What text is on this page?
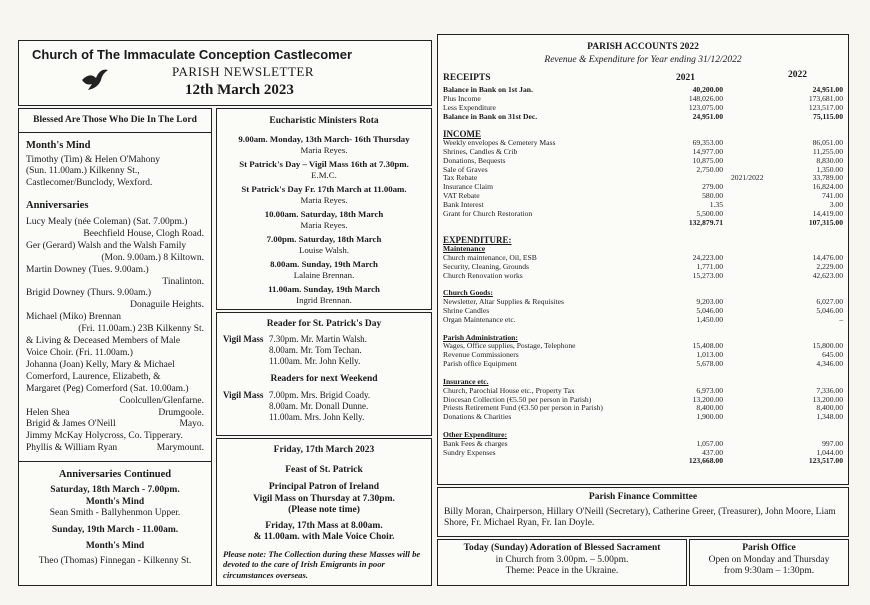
Church of The Immaculate Conception Castlecomer
PARISH NEWSLETTER
12th March 2023
Blessed Are Those Who Die In The Lord
Month's Mind
Timothy (Tim) & Helen O'Mahony
(Sun. 11.00am.) Kilkenny St.,
Castlecomer/Bunclody, Wexford.
Anniversaries
Lucy Mealy (née Coleman) (Sat. 7.00pm.)
Beechfield House, Clogh Road.
Ger (Gerard) Walsh and the Walsh Family
(Mon. 9.00am.) 8 Kiltown.
Martin Downey (Tues. 9.00am.)
Tinalinton.
Brigid Downey (Thurs. 9.00am.)
Donaguile Heights.
Michael (Miko) Brennan
(Fri. 11.00am.) 23B Kilkenny St.
& Living & Deceased Members of Male
Voice Choir. (Fri. 11.00am.)
Johanna (Joan) Kelly, Mary & Michael
Comerford, Laurence, Elizabeth, &
Margaret (Peg) Comerford (Sat. 10.00am.)
Coolcullen/Glenfarne.
Helen Shea	Drumgoole.
Brigid & James O'Neill	Mayo.
Jimmy McKay Holycross, Co. Tipperary.
Phyllis & William Ryan	Marymount.
Anniversaries Continued
Saturday, 18th March - 7.00pm.
Month's Mind
Sean Smith - Ballyhenmon Upper.
Sunday, 19th March - 11.00am.
Month's Mind
Theo (Thomas) Finnegan - Kilkenny St.
Eucharistic Ministers Rota
9.00am. Monday, 13th March- 16th Thursday
Maria Reyes.
St Patrick's Day – Vigil Mass 16th at 7.30pm.
E.M.C.
St Patrick's Day Fr. 17th March at 11.00am.
Maria Reyes.
10.00am. Saturday, 18th March
Maria Reyes.
7.00pm. Saturday, 18th March
Louise Walsh.
8.00am. Sunday, 19th March
Lalaine Brennan.
11.00am. Sunday, 19th March
Ingrid Brennan.
Reader for St. Patrick's Day
Vigil Mass 7.30pm. Mr. Martin Walsh.
8.00am. Mr. Tom Techan.
11.00am. Mr. John Kelly.
Readers for next Weekend
Vigil Mass 7.00pm. Mrs. Brigid Coady.
8.00am. Mr. Donall Dunne.
11.00am. Mrs. John Kelly.
Friday, 17th March 2023
Feast of St. Patrick
Principal Patron of Ireland
Vigil Mass on Thursday at 7.30pm.
(Please note time)
Friday, 17th Mass at 8.00am.
& 11.00am. with Male Voice Choir.
Please note: The Collection during these Masses will be devoted to the care of Irish Emigrants in poor circumstances overseas.
PARISH ACCOUNTS 2022
Revenue & Expenditure for Year ending 31/12/2022
RECEIPTS	2021	2022
Balance in Bank on 1st Jan.	40,200.00	24,951.00
Plus Income	148,026.00	173,681.00
Less Expenditure	123,075.00	123,517.00
Balance in Bank on 31st Dec.	24,951.00	75,115.00
INCOME
Weekly envelopes & Cemetery Mass	69,353.00	86,051.00
Shrines, Candles & Crib	14,977.00	11,255.00
Donations, Bequests	10,875.00	8,830.00
Sale of Graves	2,750.00	1,350.00
Tax Rebate	2021/2022	33,789.00
Insurance Claim	279.00	16,824.00
VAT Rebate	580.00	741.00
Bank Interest	1.35	3.00
Grant for Church Restoration	5,500.00	14,419.00
132,879.71	107,315.00
EXPENDITURE:
Maintenance
Church maintenance, Oil, ESB	24,223.00	14,476.00
Security, Cleaning, Grounds	1,771.00	2,229.00
Church Renovation works	15,273.00	42,623.00
Church Goods:
Newsletter, Altar Supplies & Requisites	9,203.00	6,027.00
Shrine Candles	5,046.00	5,046.00
Organ Maintenance etc.	1,450.00	–
Parish Administration:
Wages, Office supplies, Postage, Telephone	15,408.00	15,800.00
Revenue Commissioners	1,013.00	645.00
Parish office Equipment	5,678.00	4,346.00
Insurance etc.
Church, Parochial House etc., Property Tax	6,973.00	7,336.00
Diocesan Collection (€5.50 per person in Parish)	13,200.00	13,200.00
Priests Retirement Fund (€3.50 per person in Parish)	8,400.00	8,400.00
Donations & Charities	1,900.00	1,348.00
Other Expenditure:
Bank Fees & charges	1,057.00	997.00
Sundry Expenses	437.00	1,044.00
123,668.00	123,517.00
Parish Finance Committee
Billy Moran, Chairperson, Hillary O'Neill (Secretary), Catherine Greer, (Treasurer), John Moore, Liam Shore, Fr. Michael Ryan, Fr. Ian Doyle.
Today (Sunday) Adoration of Blessed Sacrament
in Church from 3.00pm. – 5.00pm.
Theme: Peace in the Ukraine.
Parish Office
Open on Monday and Thursday
from 9:30am – 1:30pm.
